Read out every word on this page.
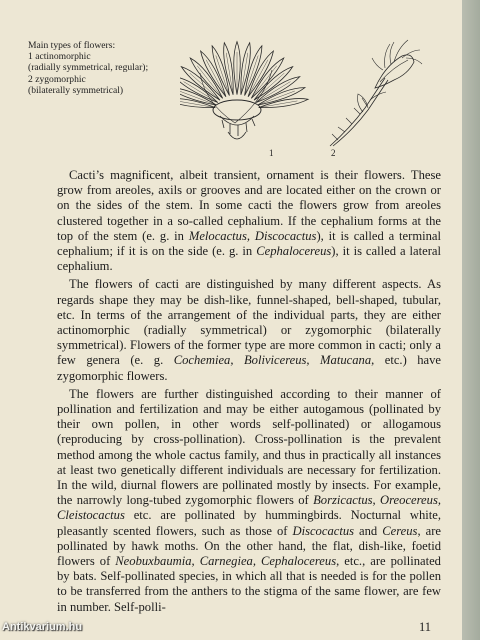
Main types of flowers:
1 actinomorphic
(radially symmetrical, regular);
2 zygomorphic
(bilaterally symmetrical)
1	2

Cacti’s magnificent, albeit transient, ornament is their flowers. These grow from areoles, axils or grooves and are located either on the crown or on the sides of the stem. In some cacti the flowers grow from areoles clustered together in a so-called cephalium. If the cephalium forms at the top of the stem (e. g. in Melocactus, Discocactus), it is called a terminal cephalium; if it is on the side (e. g. in Cephalocereus), it is called a lateral cephalium.

The flowers of cacti are distinguished by many different aspects. As regards shape they may be dish-like, funnel-shaped, bell-shaped, tubular, etc. In terms of the arrangement of the individual parts, they are either actinomorphic (radially symmetrical) or zygomorphic (bilaterally symmetrical). Flowers of the former type are more common in cacti; only a few genera (e. g. Cochemiea, Bolivicereus, Matucana, etc.) have zygomorphic flowers.

The flowers are further distinguished according to their manner of pollination and fertilization and may be either autogamous (pollinated by their own pollen, in other words self-pollinated) or allogamous (reproducing by cross-pollination). Cross-pollination is the prevalent method among the whole cactus family, and thus in practically all instances at least two genetically different individuals are necessary for fertilization. In the wild, diurnal flowers are pollinated mostly by insects. For example, the narrowly long-tubed zygomorphic flowers of Borzicactus, Oreocereus, Cleistocactus etc. are pollinated by hummingbirds. Nocturnal white, pleasantly scented flowers, such as those of Discocactus and Cereus, are pollinated by hawk moths. On the other hand, the flat, dish-like, foetid flowers of Neobuxbaumia, Carnegiea, Cephalocereus, etc., are pollinated by bats. Self-pollinated species, in which all that is needed is for the pollen to be transferred from the anthers to the stigma of the same flower, are few in number. Self-polli-

11
Antikvarium.hu
